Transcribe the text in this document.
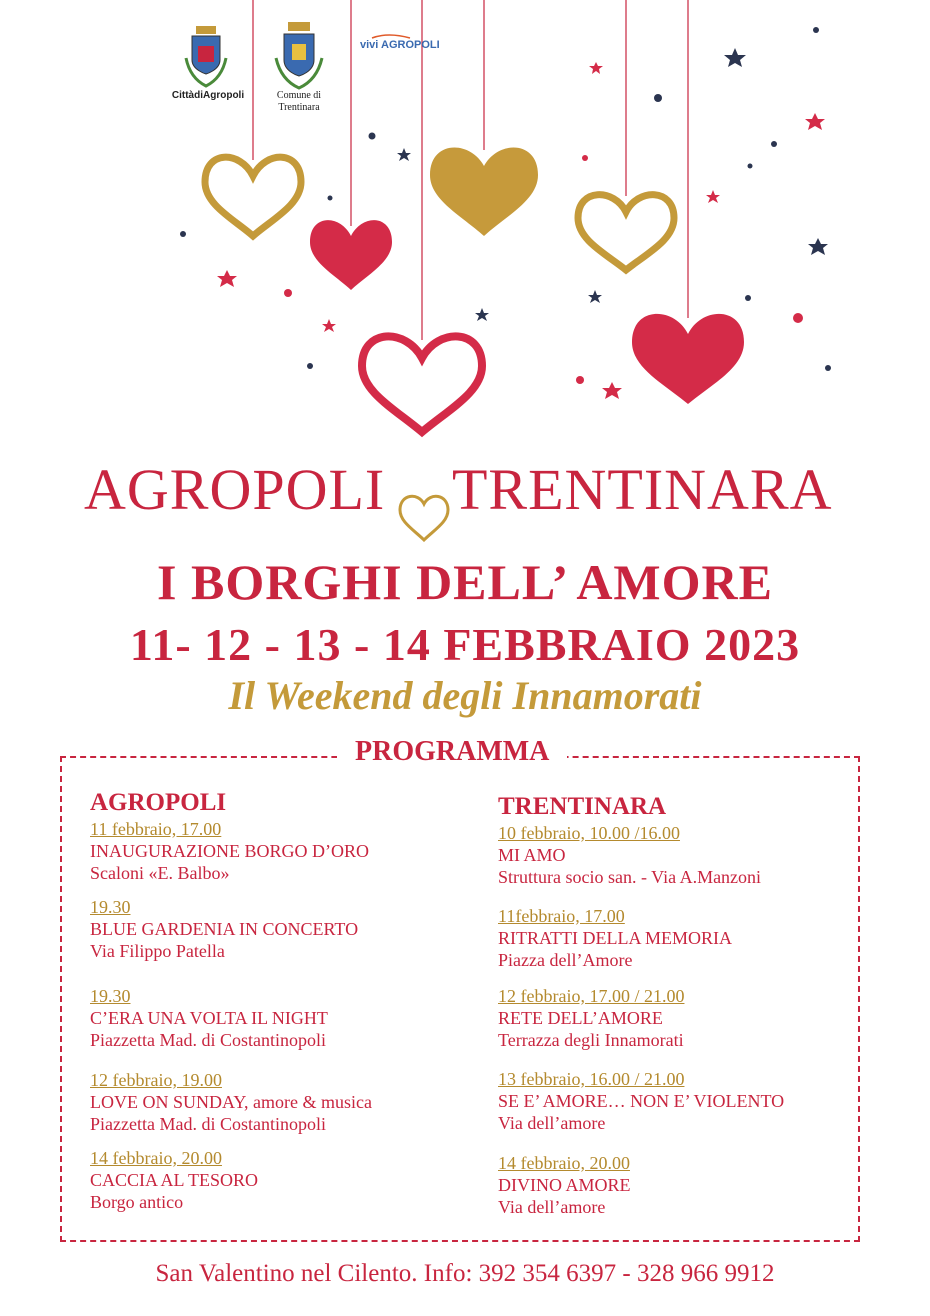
vivi AGROPOLI
CittàdiAgropoli	Comune di
Trentinara
AGROPOLI TRENTINARA
I BORGHI DELL’ AMORE
11- 12 - 13 - 14 FEBBRAIO 2023
Il Weekend degli Innamorati
PROGRAMMA

AGROPOLI

11 febbraio, 17.00
INAUGURAZIONE BORGO D’ORO
Scaloni «E. Balbo»
19.30
BLUE GARDENIA IN CONCERTO
Via Filippo Patella
19.30
C’ERA UNA VOLTA IL NIGHT
Piazzetta Mad. di Costantinopoli
12 febbraio, 19.00
LOVE ON SUNDAY, amore & musica
Piazzetta Mad. di Costantinopoli
14 febbraio, 20.00
CACCIA AL TESORO
Borgo antico

TRENTINARA

10 febbraio, 10.00 /16.00
MI AMO
Struttura socio san. - Via A.Manzoni
11febbraio, 17.00
RITRATTI DELLA MEMORIA
Piazza dell’Amore
12 febbraio, 17.00 / 21.00
RETE DELL’AMORE
Terrazza degli Innamorati
13 febbraio, 16.00 / 21.00
SE E’ AMORE… NON E’ VIOLENTO
Via dell’amore
14 febbraio, 20.00
DIVINO AMORE
Via dell’amore
San Valentino nel Cilento. Info: 392 354 6397 - 328 966 9912
